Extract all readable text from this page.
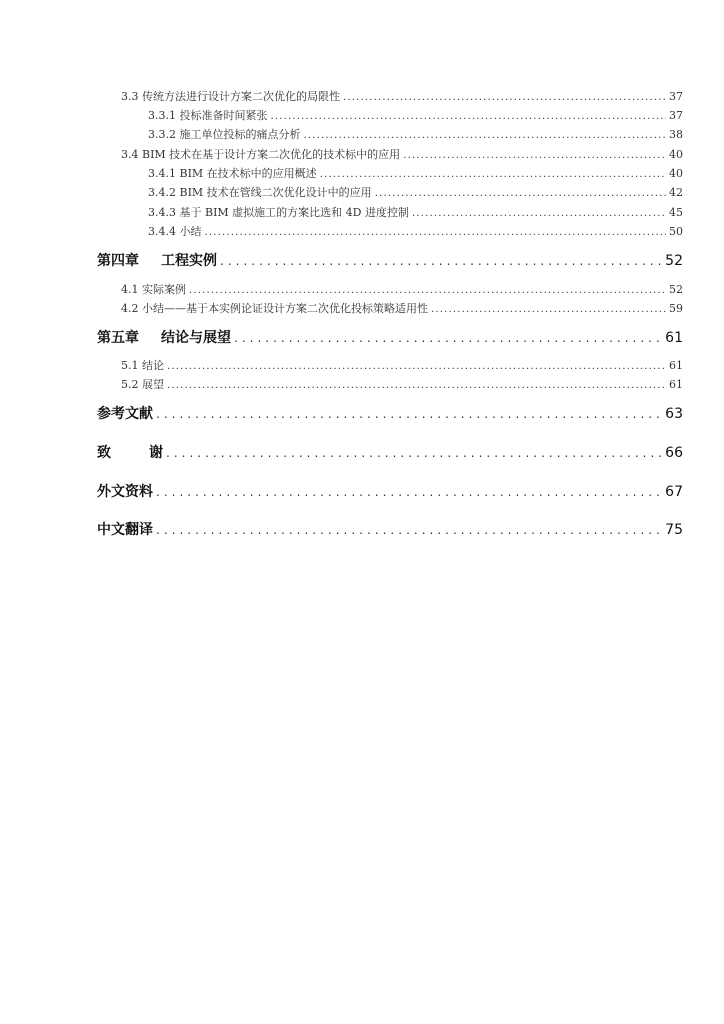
3.3 传统方法进行设计方案二次优化的局限性 .....	37
3.3.1 投标准备时间紧张 .....	37
3.3.2 施工单位投标的痛点分析 .....	38
3.4 BIM 技术在基于设计方案二次优化的技术标中的应用 .....	40
3.4.1 BIM 在技术标中的应用概述 .....	40
3.4.2 BIM 技术在管线二次优化设计中的应用 .....	42
3.4.3 基于 BIM 虚拟施工的方案比选和 4D 进度控制 .....	45
3.4.4 小结 .....	50
第四章 工程实例 .....	52
4.1 实际案例 .....	52
4.2 小结——基于本实例论证设计方案二次优化投标策略适用性 .....	59
第五章 结论与展望 .....	61
5.1 结论 .....	61
5.2 展望 .....	61
参考文献 .....	63
致	谢 .....	66
外文资料 .....	67
中文翻译 .....	75
